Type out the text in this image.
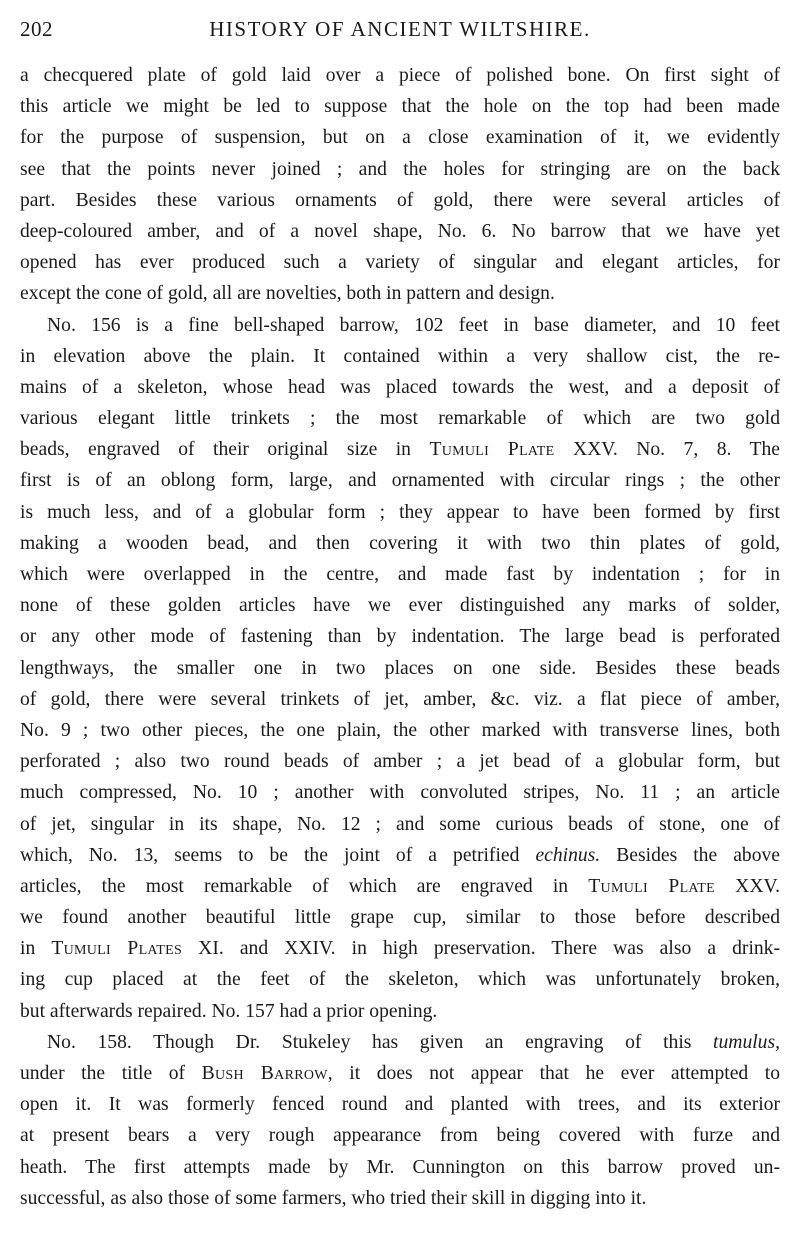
202	HISTORY OF ANCIENT WILTSHIRE.
a checquered plate of gold laid over a piece of polished bone. On first sight of
this article we might be led to suppose that the hole on the top had been made
for the purpose of suspension, but on a close examination of it, we evidently
see that the points never joined ; and the holes for stringing are on the back
part. Besides these various ornaments of gold, there were several articles of
deep-coloured amber, and of a novel shape, No. 6. No barrow that we have yet
opened has ever produced such a variety of singular and elegant articles, for
except the cone of gold, all are novelties, both in pattern and design.
No. 156 is a fine bell-shaped barrow, 102 feet in base diameter, and 10 feet
in elevation above the plain. It contained within a very shallow cist, the re-
mains of a skeleton, whose head was placed towards the west, and a deposit of
various elegant little trinkets ; the most remarkable of which are two gold
beads, engraved of their original size in Tumuli Plate XXV. No. 7, 8. The
first is of an oblong form, large, and ornamented with circular rings ; the other
is much less, and of a globular form ; they appear to have been formed by first
making a wooden bead, and then covering it with two thin plates of gold,
which were overlapped in the centre, and made fast by indentation ; for in
none of these golden articles have we ever distinguished any marks of solder,
or any other mode of fastening than by indentation. The large bead is perforated
lengthways, the smaller one in two places on one side. Besides these beads
of gold, there were several trinkets of jet, amber, &c. viz. a flat piece of amber,
No. 9 ; two other pieces, the one plain, the other marked with transverse lines, both
perforated ; also two round beads of amber ; a jet bead of a globular form, but
much compressed, No. 10 ; another with convoluted stripes, No. 11 ; an article
of jet, singular in its shape, No. 12 ; and some curious beads of stone, one of
which, No. 13, seems to be the joint of a petrified echinus. Besides the above
articles, the most remarkable of which are engraved in Tumuli Plate XXV.
we found another beautiful little grape cup, similar to those before described
in Tumuli Plates XI. and XXIV. in high preservation. There was also a drink-
ing cup placed at the feet of the skeleton, which was unfortunately broken,
but afterwards repaired. No. 157 had a prior opening.
No. 158. Though Dr. Stukeley has given an engraving of this tumulus,
under the title of Bush Barrow, it does not appear that he ever attempted to
open it. It was formerly fenced round and planted with trees, and its exterior
at present bears a very rough appearance from being covered with furze and
heath. The first attempts made by Mr. Cunnington on this barrow proved un-
successful, as also those of some farmers, who tried their skill in digging into it.
